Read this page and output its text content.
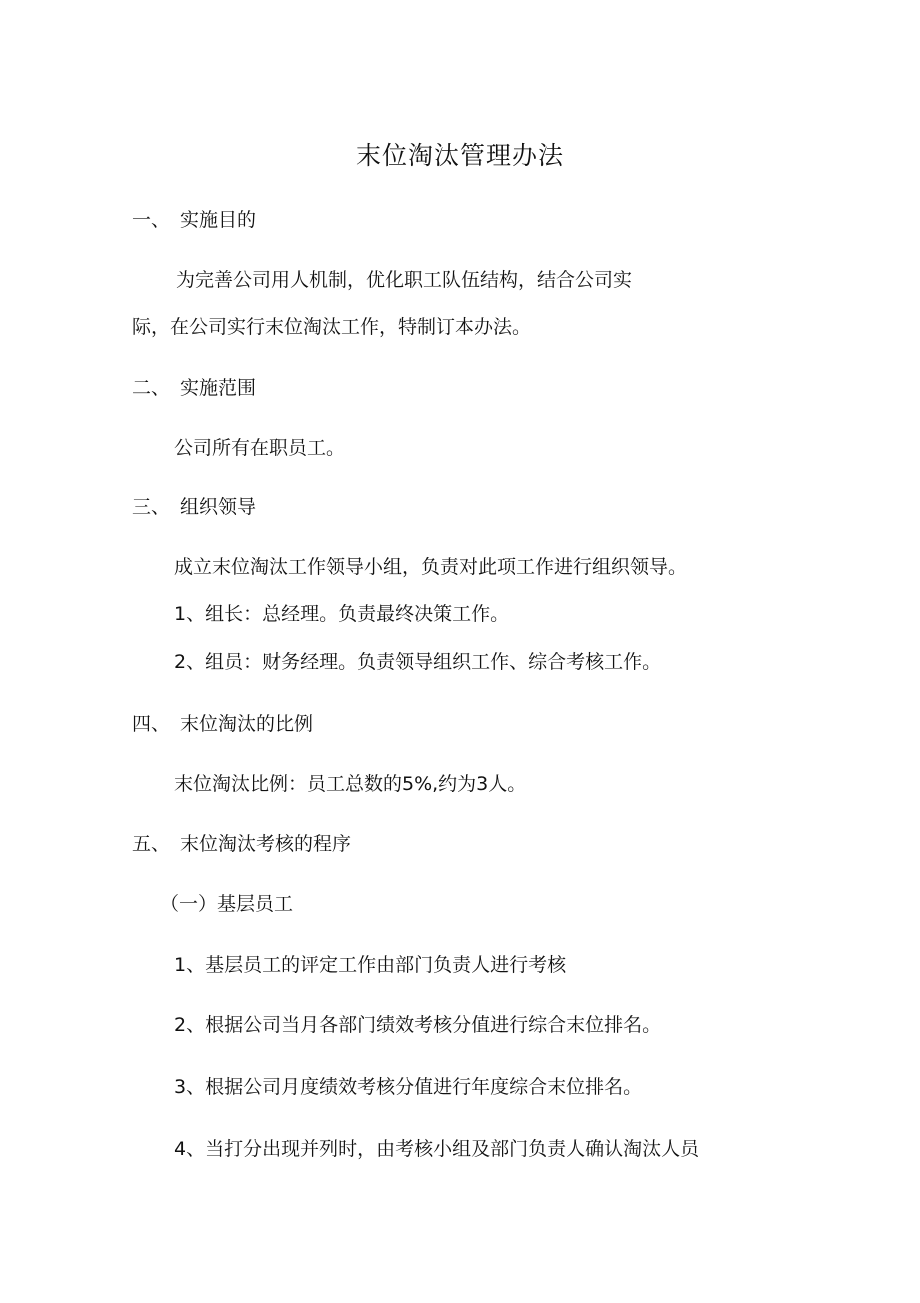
末位淘汰管理办法
一、 实施目的
为完善公司用人机制，优化职工队伍结构，结合公司实
际，在公司实行末位淘汰工作，特制订本办法。
二、 实施范围
公司所有在职员工。
三、 组织领导
成立末位淘汰工作领导小组，负责对此项工作进行组织领导。
1、组长：总经理。负责最终决策工作。
2、组员：财务经理。负责领导组织工作、综合考核工作。
四、 末位淘汰的比例
末位淘汰比例：员工总数的5%,约为3人。
五、 末位淘汰考核的程序
（一）基层员工
1、基层员工的评定工作由部门负责人进行考核
2、根据公司当月各部门绩效考核分值进行综合末位排名。
3、根据公司月度绩效考核分值进行年度综合末位排名。
4、当打分出现并列时，由考核小组及部门负责人确认淘汰人员
